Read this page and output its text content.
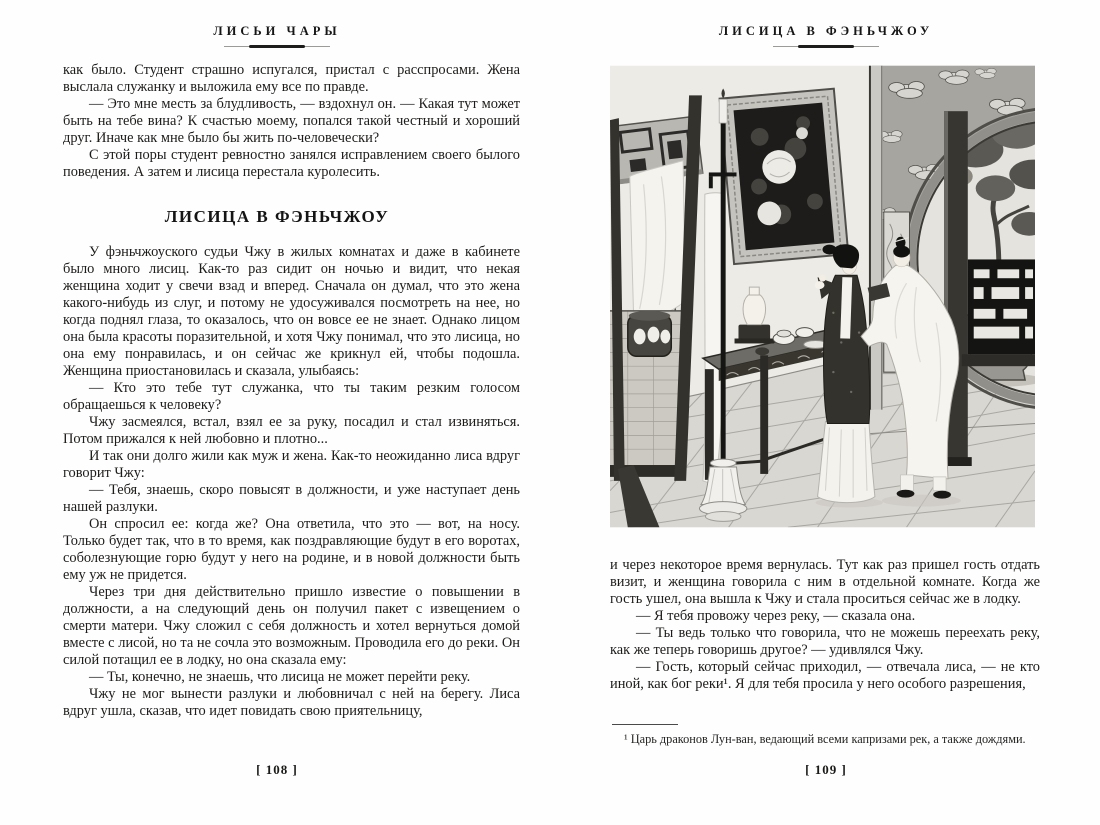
ЛИСЬИ ЧАРЫ

как было. Студент страшно испугался, пристал с расспросами. Жена выслала служанку и выложила ему все по правде.

— Это мне месть за блудливость, — вздохнул он. — Какая тут может быть на тебе вина? К счастью моему, попался такой честный и хороший друг. Иначе как мне было бы жить по-человечески?

С этой поры студент ревностно занялся исправлением своего былого поведения. А затем и лисица перестала куролесить.

ЛИСИЦА В ФЭНЬЧЖОУ

У фэньчжоуского судьи Чжу в жилых комнатах и даже в кабинете было много лисиц. Как-то раз сидит он ночью и видит, что некая женщина ходит у свечи взад и вперед. Сначала он думал, что это жена какого-нибудь из слуг, и потому не удосуживался посмотреть на нее, но когда поднял глаза, то оказалось, что он вовсе ее не знает. Однако лицом она была красоты поразительной, и хотя Чжу понимал, что это лисица, но она ему понравилась, и он сейчас же крикнул ей, чтобы подошла. Женщина приостановилась и сказала, улыбаясь:

— Кто это тебе тут служанка, что ты таким резким голосом обращаешься к человеку?

Чжу засмеялся, встал, взял ее за руку, посадил и стал извиняться. Потом прижался к ней любовно и плотно...

И так они долго жили как муж и жена. Как-то неожиданно лиса вдруг говорит Чжу:

— Тебя, знаешь, скоро повысят в должности, и уже наступает день нашей разлуки.

Он спросил ее: когда же? Она ответила, что это — вот, на носу. Только будет так, что в то время, как поздравляющие будут в его воротах, соболезнующие горю будут у него на родине, и в новой должности быть ему уж не придется.

Через три дня действительно пришло известие о повышении в должности, а на следующий день он получил пакет с извещением о смерти матери. Чжу сложил с себя должность и хотел вернуться домой вместе с лисой, но та не сочла это возможным. Проводила его до реки. Он силой потащил ее в лодку, но она сказала ему:

— Ты, конечно, не знаешь, что лисица не может перейти реку.

Чжу не мог вынести разлуки и любовничал с ней на берегу. Лиса вдруг ушла, сказав, что идет повидать свою приятельницу,

[ 108 ]
ЛИСИЦА В ФЭНЬЧЖОУ

и через некоторое время вернулась. Тут как раз пришел гость отдать визит, и женщина говорила с ним в отдельной комнате. Когда же гость ушел, она вышла к Чжу и стала проситься сейчас же в лодку.

— Я тебя провожу через реку, — сказала она.

— Ты ведь только что говорила, что не можешь переехать реку, как же теперь говоришь другое? — удивлялся Чжу.

— Гость, который сейчас приходил, — отвечала лиса, — не кто иной, как бог реки¹. Я для тебя просила у него особого разрешения,

¹ Царь драконов Лун-ван, ведающий всеми капризами рек, а также дождями.

[ 109 ]
